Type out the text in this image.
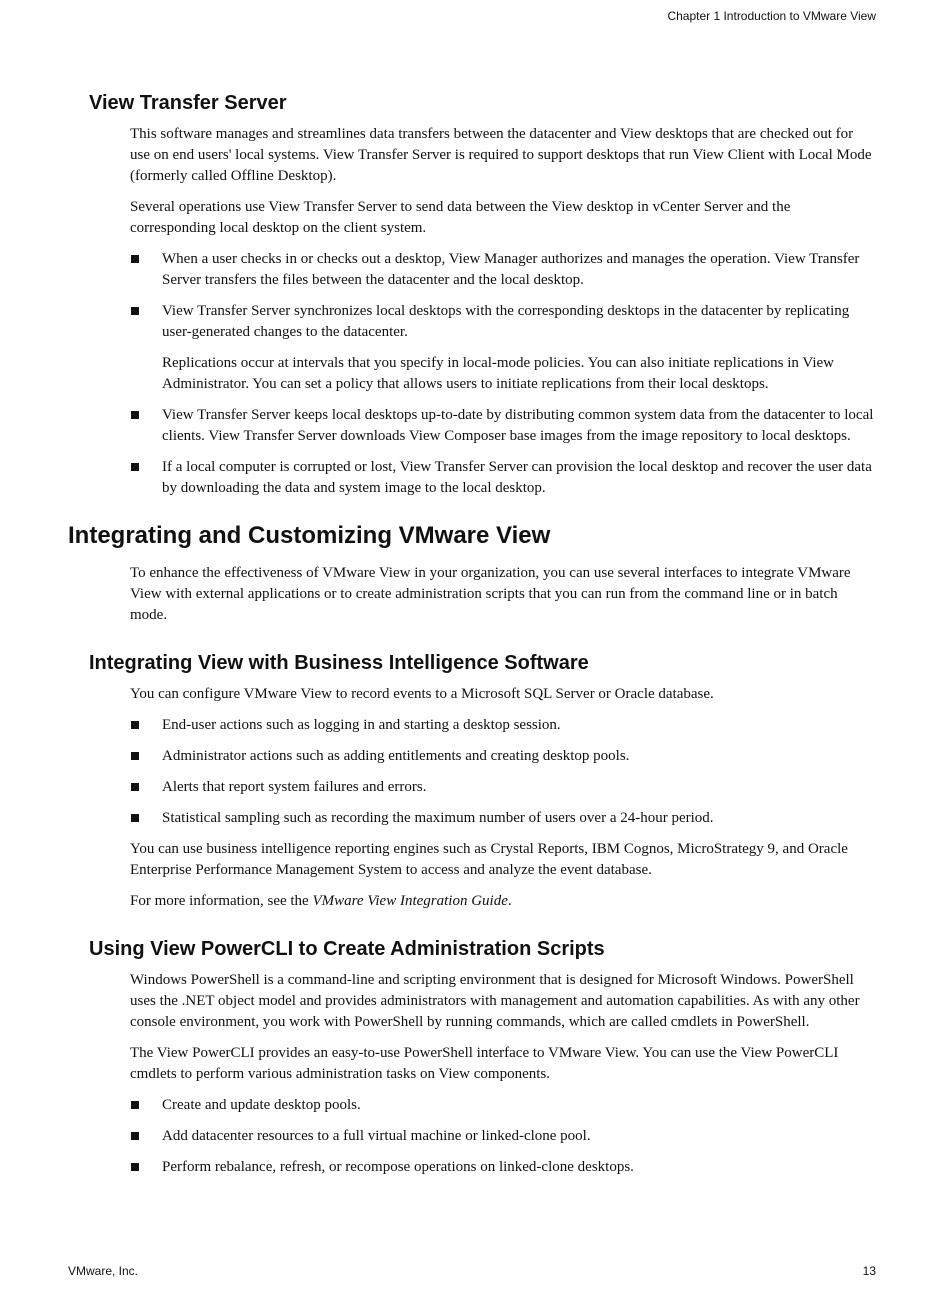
Chapter 1 Introduction to VMware View
View Transfer Server

This software manages and streamlines data transfers between the datacenter and View desktops that are checked out for use on end users' local systems. View Transfer Server is required to support desktops that run View Client with Local Mode (formerly called Offline Desktop).

Several operations use View Transfer Server to send data between the View desktop in vCenter Server and the corresponding local desktop on the client system.

When a user checks in or checks out a desktop, View Manager authorizes and manages the operation. View Transfer Server transfers the files between the datacenter and the local desktop.
View Transfer Server synchronizes local desktops with the corresponding desktops in the datacenter by replicating user-generated changes to the datacenter.

Replications occur at intervals that you specify in local-mode policies. You can also initiate replications in View Administrator. You can set a policy that allows users to initiate replications from their local desktops.

View Transfer Server keeps local desktops up-to-date by distributing common system data from the datacenter to local clients. View Transfer Server downloads View Composer base images from the image repository to local desktops.
If a local computer is corrupted or lost, View Transfer Server can provision the local desktop and recover the user data by downloading the data and system image to the local desktop.
Integrating and Customizing VMware View

To enhance the effectiveness of VMware View in your organization, you can use several interfaces to integrate VMware View with external applications or to create administration scripts that you can run from the command line or in batch mode.

Integrating View with Business Intelligence Software

You can configure VMware View to record events to a Microsoft SQL Server or Oracle database.

End-user actions such as logging in and starting a desktop session.
Administrator actions such as adding entitlements and creating desktop pools.
Alerts that report system failures and errors.
Statistical sampling such as recording the maximum number of users over a 24-hour period.

You can use business intelligence reporting engines such as Crystal Reports, IBM Cognos, MicroStrategy 9, and Oracle Enterprise Performance Management System to access and analyze the event database.

For more information, see the VMware View Integration Guide.

Using View PowerCLI to Create Administration Scripts

Windows PowerShell is a command-line and scripting environment that is designed for Microsoft Windows. PowerShell uses the .NET object model and provides administrators with management and automation capabilities. As with any other console environment, you work with PowerShell by running commands, which are called cmdlets in PowerShell.

The View PowerCLI provides an easy-to-use PowerShell interface to VMware View. You can use the View PowerCLI cmdlets to perform various administration tasks on View components.

Create and update desktop pools.
Add datacenter resources to a full virtual machine or linked-clone pool.
Perform rebalance, refresh, or recompose operations on linked-clone desktops.
VMware, Inc.	13
